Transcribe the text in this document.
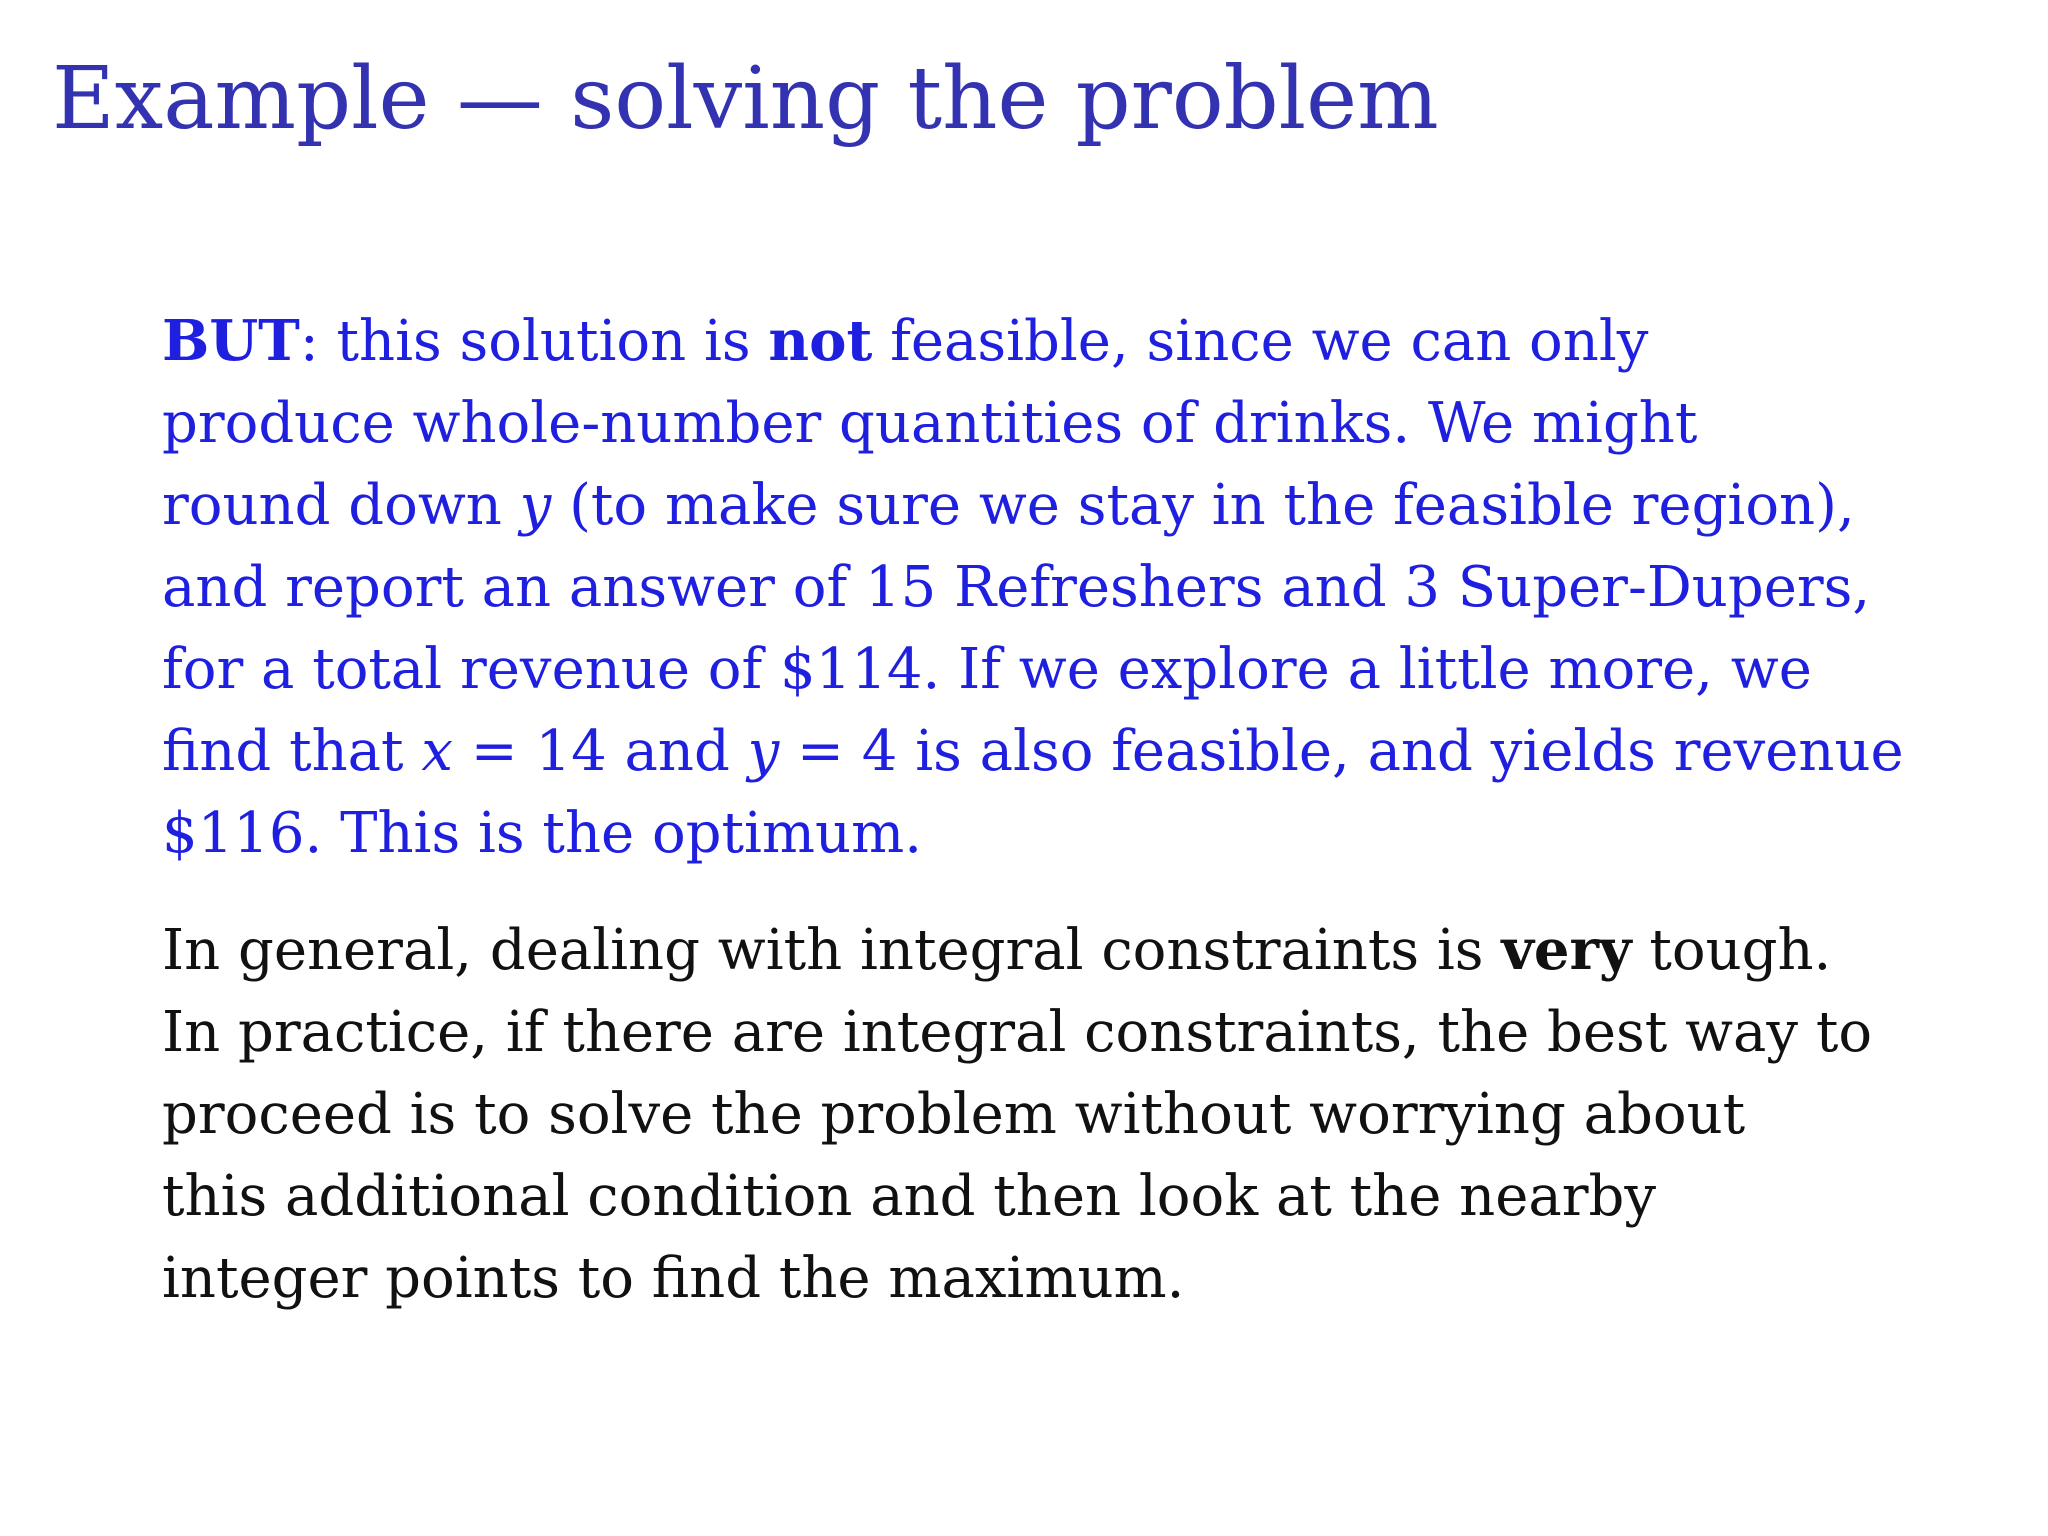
Example — solving the problem

BUT: this solution is not feasible, since we can only
produce whole-number quantities of drinks. We might
round down y (to make sure we stay in the feasible region),
and report an answer of 15 Refreshers and 3 Super-Dupers,
for a total revenue of $114. If we explore a little more, we
find that x = 14 and y = 4 is also feasible, and yields revenue
$116. This is the optimum.

In general, dealing with integral constraints is very tough.
In practice, if there are integral constraints, the best way to
proceed is to solve the problem without worrying about
this additional condition and then look at the nearby
integer points to find the maximum.
